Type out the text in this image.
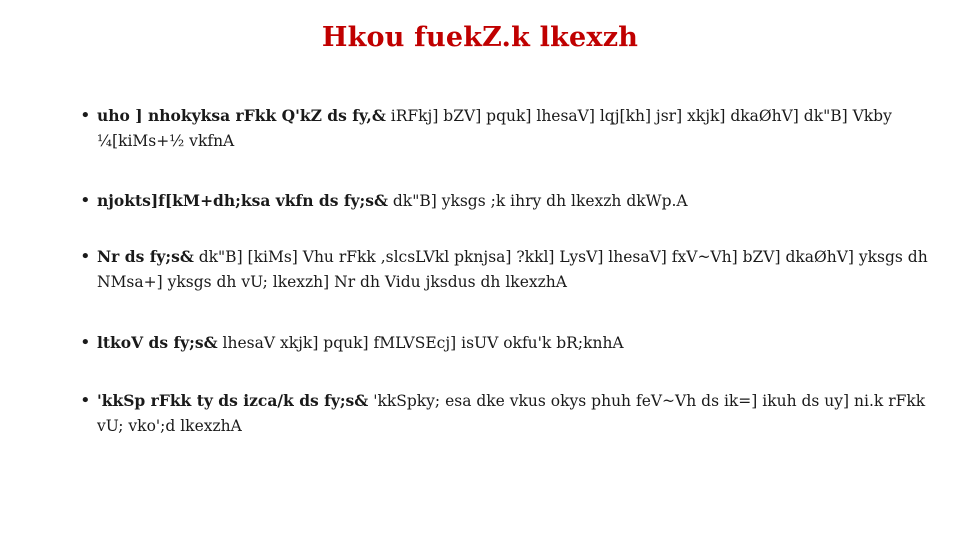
Hkou fuekZ.k lkexzh
• uho ] nhokyksa rFkk Q'kZ ds fy,& iRFkj] bZV] pquk] lhesaV] lqj[kh] jsr] xkjk] dkaØhV] dk"B] Vkby ¼[kiMs+½ vkfnA
• njokts]f[kM+dh;ksa vkfn ds fy;s& dk"B] yksgs ;k ihry dh lkexzh dkWp.A
• Nr ds fy;s& dk"B] [kiMs] Vhu rFkk ,slcsLVkl pknjsa] ?kkl] LysV] lhesaV] fxV~Vh] bZV] dkaØhV] yksgs dh NMsa+] yksgs dh vU; lkexzh] Nr dh Vidu jksdus dh lkexzhA
• ltkoV ds fy;s& lhesaV xkjk] pquk] fMLVSEcj] isUV okfu'k bR;knhA
• 'kkSp rFkk ty ds izca/k ds fy;s& 'kkSpky; esa dke vkus okys phuh feV~Vh ds ik=] ikuh ds uy] ni.k rFkk vU; vko';d lkexzhA
